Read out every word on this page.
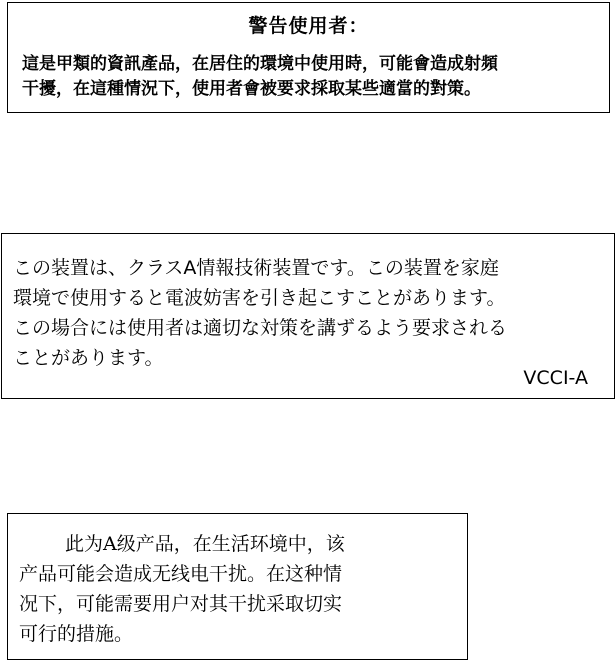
警告使用者：
這是甲類的資訊產品，在居住的環境中使用時，可能會造成射頻
干擾，在這種情況下，使用者會被要求採取某些適當的對策。
この装置は、クラスA情報技術装置です。この装置を家庭
環境で使用すると電波妨害を引き起こすことがあります。
この場合には使用者は適切な対策を講ずるよう要求される
ことがあります。
VCCI-A
此为A级产品，在生活环境中，该
产品可能会造成无线电干扰。在这种情
况下，可能需要用户对其干扰采取切实
可行的措施。
